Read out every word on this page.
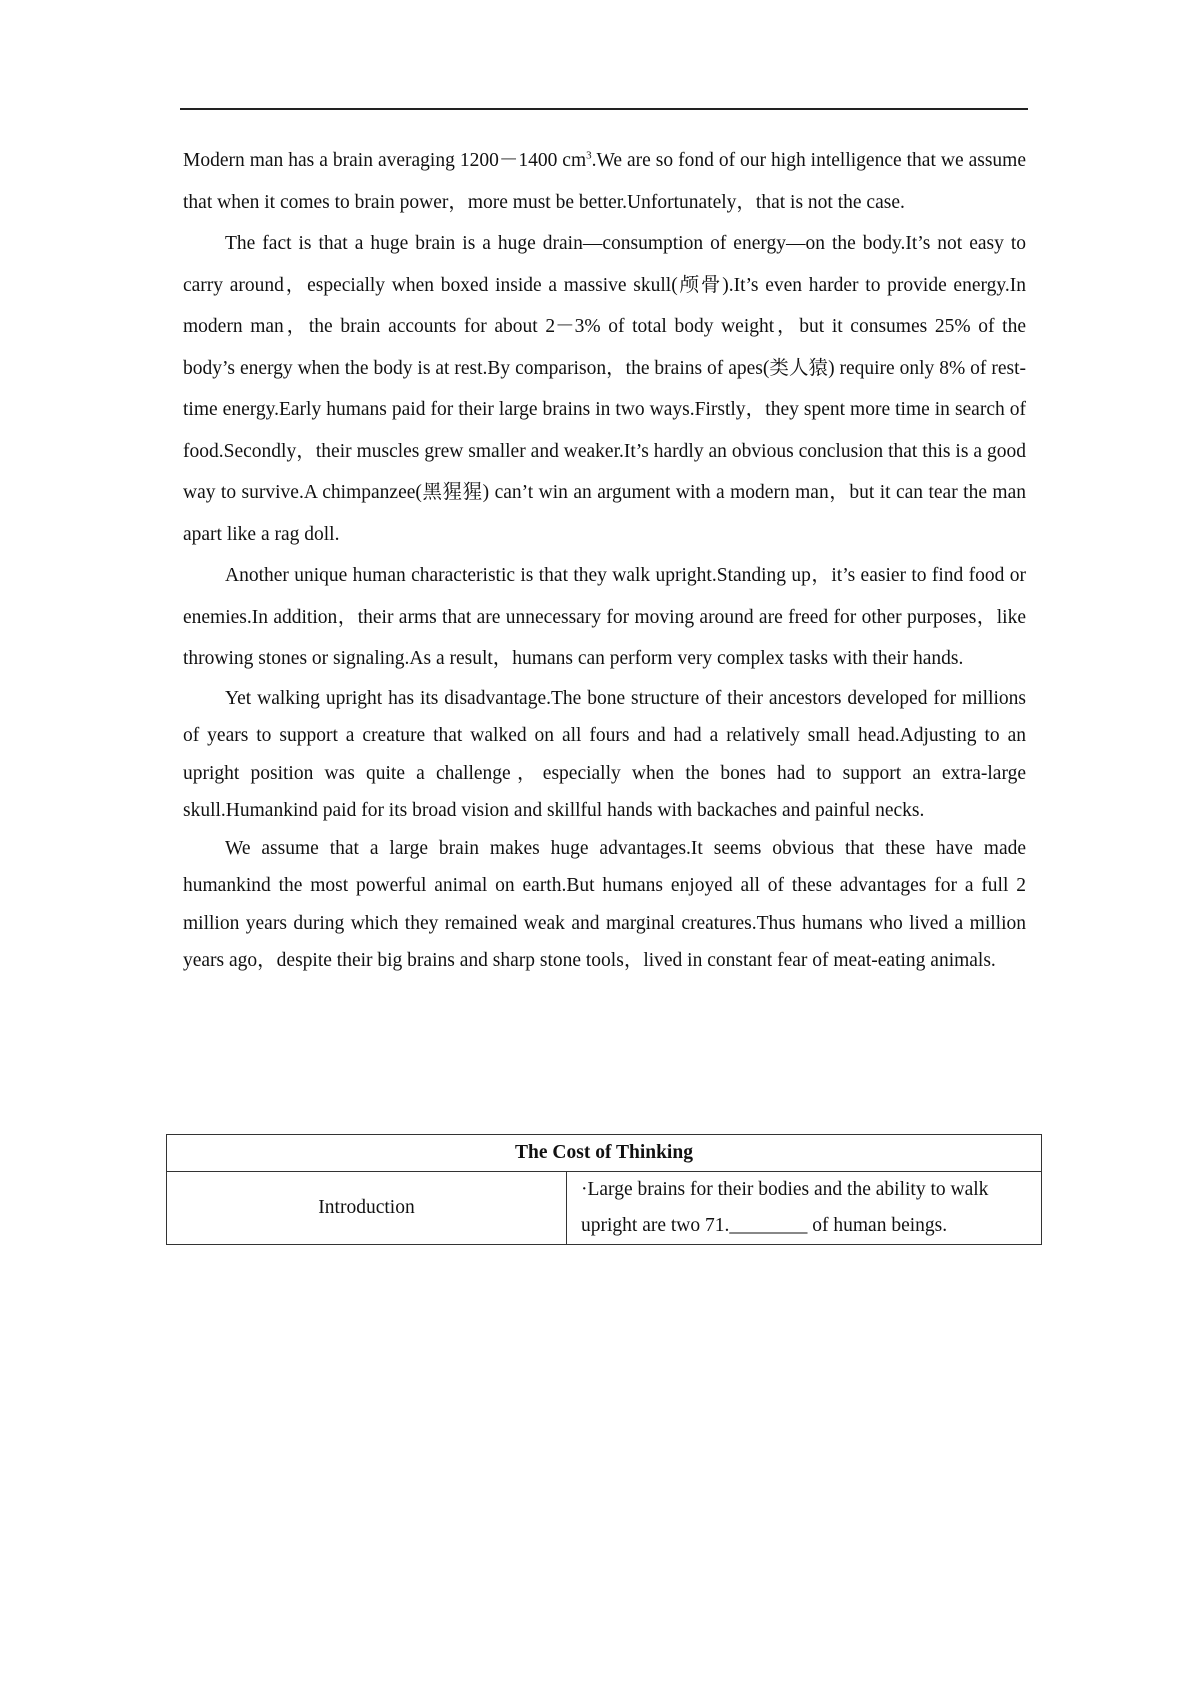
Modern man has a brain averaging 1200－1400 $cm^3.We$ are so fond of our high intelligence that we assume that when it comes to brain power，more must be better.Unfortunately，that is not the case.

The fact is that a huge brain is a huge drain—consumption of energy—on the body.It’s not easy to carry around，especially when boxed inside a massive skull(颅骨).It’s even harder to provide energy.In modern man，the brain accounts for about 2－3% of total body weight，but it consumes 25% of the body’s energy when the body is at rest.By comparison，the brains of apes(类人猿) require only 8% of rest-time energy.Early humans paid for their large brains in two ways.Firstly，they spent more time in search of food.Secondly，their muscles grew smaller and weaker.It’s hardly an obvious conclusion that this is a good way to survive.A chimpanzee(黑猩猩) can’t win an argument with a modern man，but it can tear the man apart like a rag doll.

Another unique human characteristic is that they walk upright.Standing up，it’s easier to find food or enemies.In addition，their arms that are unnecessary for moving around are freed for other purposes，like throwing stones or signaling.As a result，humans can perform very complex tasks with their hands.

Yet walking upright has its disadvantage.The bone structure of their ancestors developed for millions of years to support a creature that walked on all fours and had a relatively small head.Adjusting to an upright position was quite a challenge，especially when the bones had to support an extra-large skull.Humankind paid for its broad vision and skillful hands with backaches and painful necks.

We assume that a large brain makes huge advantages.It seems obvious that these have made humankind the most powerful animal on earth.But humans enjoyed all of these advantages for a full 2 million years during which they remained weak and marginal creatures.Thus humans who lived a million years ago，despite their big brains and sharp stone tools，lived in constant fear of meat-eating animals.

The Cost of Thinking
Introduction	·Large brains for their bodies and the ability to walk upright are two 71.________ of human beings.
